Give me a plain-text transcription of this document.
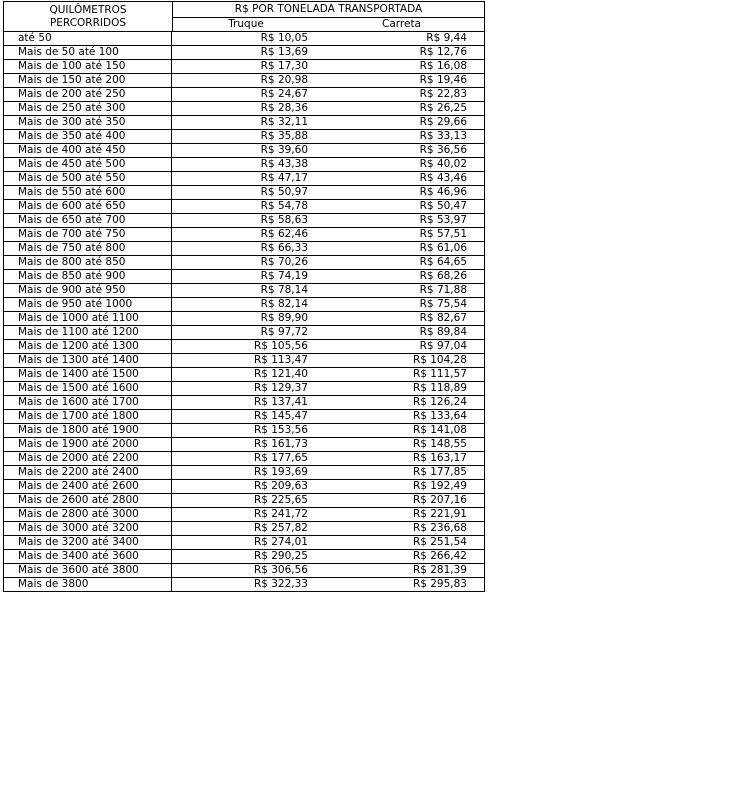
QUILÔMETROS
PERCORRIDOS
R$ POR TONELADA TRANSPORTADA
Truque	Carreta
até 50	R$ 10,05	R$ 9,44
Mais de 50 até 100	R$ 13,69	R$ 12,76
Mais de 100 até 150	R$ 17,30	R$ 16,08
Mais de 150 até 200	R$ 20,98	R$ 19,46
Mais de 200 até 250	R$ 24,67	R$ 22,83
Mais de 250 até 300	R$ 28,36	R$ 26,25
Mais de 300 até 350	R$ 32,11	R$ 29,66
Mais de 350 até 400	R$ 35,88	R$ 33,13
Mais de 400 até 450	R$ 39,60	R$ 36,56
Mais de 450 até 500	R$ 43,38	R$ 40,02
Mais de 500 até 550	R$ 47,17	R$ 43,46
Mais de 550 até 600	R$ 50,97	R$ 46,96
Mais de 600 até 650	R$ 54,78	R$ 50,47
Mais de 650 até 700	R$ 58,63	R$ 53,97
Mais de 700 até 750	R$ 62,46	R$ 57,51
Mais de 750 até 800	R$ 66,33	R$ 61,06
Mais de 800 até 850	R$ 70,26	R$ 64,65
Mais de 850 até 900	R$ 74,19	R$ 68,26
Mais de 900 até 950	R$ 78,14	R$ 71,88
Mais de 950 até 1000	R$ 82,14	R$ 75,54
Mais de 1000 até 1100	R$ 89,90	R$ 82,67
Mais de 1100 até 1200	R$ 97,72	R$ 89,84
Mais de 1200 até 1300	R$ 105,56	R$ 97,04
Mais de 1300 até 1400	R$ 113,47	R$ 104,28
Mais de 1400 até 1500	R$ 121,40	R$ 111,57
Mais de 1500 até 1600	R$ 129,37	R$ 118,89
Mais de 1600 até 1700	R$ 137,41	R$ 126,24
Mais de 1700 até 1800	R$ 145,47	R$ 133,64
Mais de 1800 até 1900	R$ 153,56	R$ 141,08
Mais de 1900 até 2000	R$ 161,73	R$ 148,55
Mais de 2000 até 2200	R$ 177,65	R$ 163,17
Mais de 2200 até 2400	R$ 193,69	R$ 177,85
Mais de 2400 até 2600	R$ 209,63	R$ 192,49
Mais de 2600 até 2800	R$ 225,65	R$ 207,16
Mais de 2800 até 3000	R$ 241,72	R$ 221,91
Mais de 3000 até 3200	R$ 257,82	R$ 236,68
Mais de 3200 até 3400	R$ 274,01	R$ 251,54
Mais de 3400 até 3600	R$ 290,25	R$ 266,42
Mais de 3600 até 3800	R$ 306,56	R$ 281,39
Mais de 3800	R$ 322,33	R$ 295,83
